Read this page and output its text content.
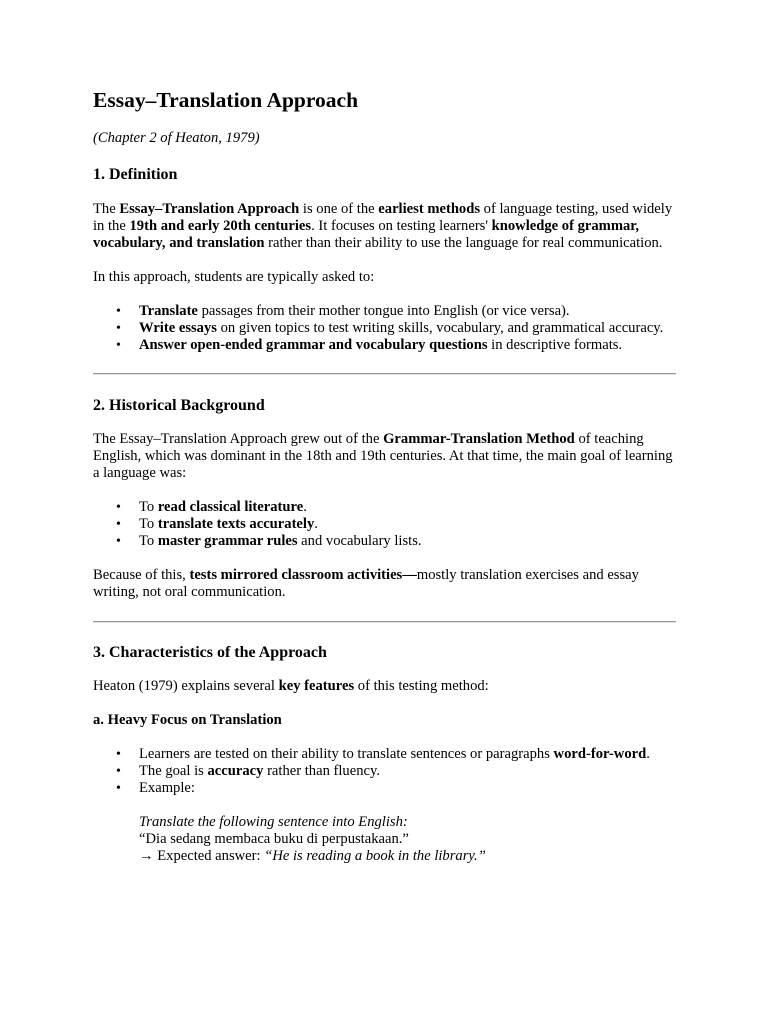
Essay–Translation Approach

(Chapter 2 of Heaton, 1979)

1. Definition

The Essay–Translation Approach is one of the earliest methods of language testing, used widely in the 19th and early 20th centuries. It focuses on testing learners' knowledge of grammar, vocabulary, and translation rather than their ability to use the language for real communication.

In this approach, students are typically asked to:

• Translate passages from their mother tongue into English (or vice versa).
• Write essays on given topics to test writing skills, vocabulary, and grammatical accuracy.
• Answer open-ended grammar and vocabulary questions in descriptive formats.
2. Historical Background

The Essay–Translation Approach grew out of the Grammar-Translation Method of teaching English, which was dominant in the 18th and 19th centuries. At that time, the main goal of learning a language was:

• To read classical literature.
• To translate texts accurately.
• To master grammar rules and vocabulary lists.

Because of this, tests mirrored classroom activities—mostly translation exercises and essay writing, not oral communication.

3. Characteristics of the Approach

Heaton (1979) explains several key features of this testing method:

a. Heavy Focus on Translation
• Learners are tested on their ability to translate sentences or paragraphs word-for-word.
• The goal is accuracy rather than fluency.
• Example:

Translate the following sentence into English:

“Dia sedang membaca buku di perpustakaan.”

→ Expected answer: “He is reading a book in the library.”
